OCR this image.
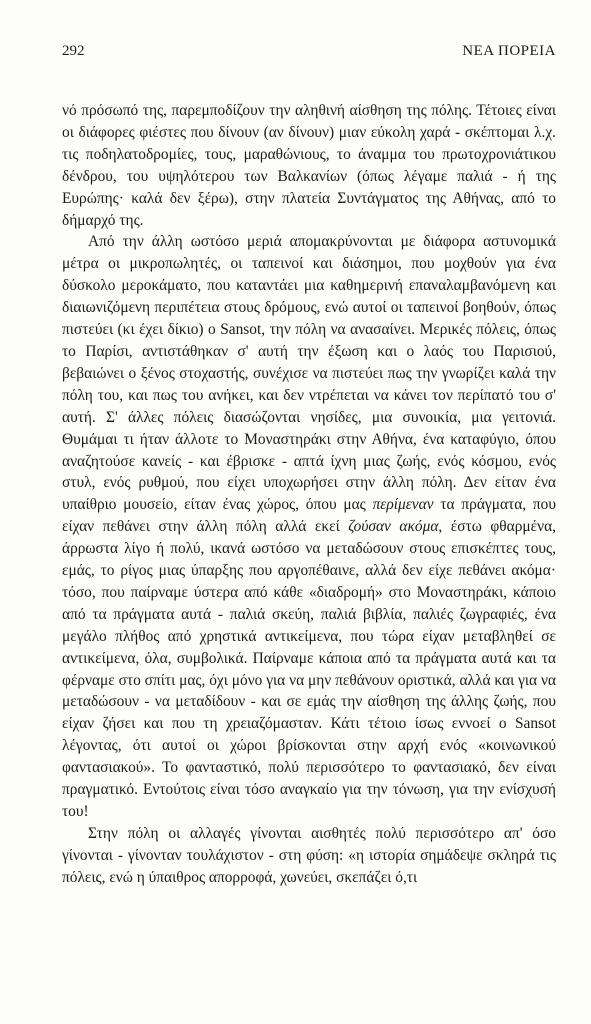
292	ΝΕΑ ΠΟΡΕΙΑ

νό πρόσωπό της, παρεμποδίζουν την αληθινή αίσθηση της πόλης. Τέτοιες είναι οι διάφορες φιέστες που δίνουν (αν δίνουν) μιαν εύκολη χαρά - σκέπτομαι λ.χ. τις ποδηλατοδρομίες, τους, μαραθώνιους, το άναμμα του πρωτοχρονιάτικου δένδρου, του υψηλότερου των Βαλκανίων (όπως λέγαμε παλιά - ή της Ευρώπης· καλά δεν ξέρω), στην πλατεία Συντάγματος της Αθήνας, από το δήμαρχό της.

Από την άλλη ωστόσο μεριά απομακρύνονται με διάφορα αστυνομικά μέτρα οι μικροπωλητές, οι ταπεινοί και διάσημοι, που μοχθούν για ένα δύσκολο μεροκάματο, που καταντάει μια καθημερινή επαναλαμβανόμενη και διαιωνιζόμενη περιπέτεια στους δρόμους, ενώ αυτοί οι ταπεινοί βοηθούν, όπως πιστεύει (κι έχει δίκιο) ο Sansot, την πόλη να ανασαίνει. Μερικές πόλεις, όπως το Παρίσι, αντιστάθηκαν σ' αυτή την έξωση και ο λαός του Παρισιού, βεβαιώνει ο ξένος στοχαστής, συνέχισε να πιστεύει πως την γνωρίζει καλά την πόλη του, και πως του ανήκει, και δεν ντρέπεται να κάνει τον περίπατό του σ' αυτή. Σ' άλλες πόλεις διασώζονται νησίδες, μια συνοικία, μια γειτονιά. Θυμάμαι τι ήταν άλλοτε το Μοναστηράκι στην Αθήνα, ένα καταφύγιο, όπου αναζητούσε κανείς - και έβρισκε - απτά ίχνη μιας ζωής, ενός κόσμου, ενός στυλ, ενός ρυθμού, που είχει υποχωρήσει στην άλλη πόλη. Δεν είταν ένα υπαίθριο μουσείο, είταν ένας χώρος, όπου μας περίμεναν τα πράγματα, που είχαν πεθάνει στην άλλη πόλη αλλά εκεί ζούσαν ακόμα, έστω φθαρμένα, άρρωστα λίγο ή πολύ, ικανά ωστόσο να μεταδώσουν στους επισκέπτες τους, εμάς, το ρίγος μιας ύπαρξης που αργοπέθαινε, αλλά δεν είχε πεθάνει ακόμα· τόσο, που παίρναμε ύστερα από κάθε «διαδρομή» στο Μοναστηράκι, κάποιο από τα πράγματα αυτά - παλιά σκεύη, παλιά βιβλία, παλιές ζωγραφιές, ένα μεγάλο πλήθος από χρηστικά αντικείμενα, που τώρα είχαν μεταβληθεί σε αντικείμενα, όλα, συμβολικά. Παίρναμε κάποια από τα πράγματα αυτά και τα φέρναμε στο σπίτι μας, όχι μόνο για να μην πεθάνουν οριστικά, αλλά και για να μεταδώσουν - να μεταδίδουν - και σε εμάς την αίσθηση της άλλης ζωής, που είχαν ζήσει και που τη χρειαζόμασταν. Κάτι τέτοιο ίσως εννοεί ο Sansot λέγοντας, ότι αυτοί οι χώροι βρίσκονται στην αρχή ενός «κοινωνικού φαντασιακού». Το φανταστικό, πολύ περισσότερο το φαντασιακό, δεν είναι πραγματικό. Εντούτοις είναι τόσο αναγκαίο για την τόνωση, για την ενίσχυσή του!

Στην πόλη οι αλλαγές γίνονται αισθητές πολύ περισσότερο απ' όσο γίνονται - γίνονταν τουλάχιστον - στη φύση: «η ιστορία σημάδεψε σκληρά τις πόλεις, ενώ η ύπαιθρος απορροφά, χωνεύει, σκεπάζει ό,τι
